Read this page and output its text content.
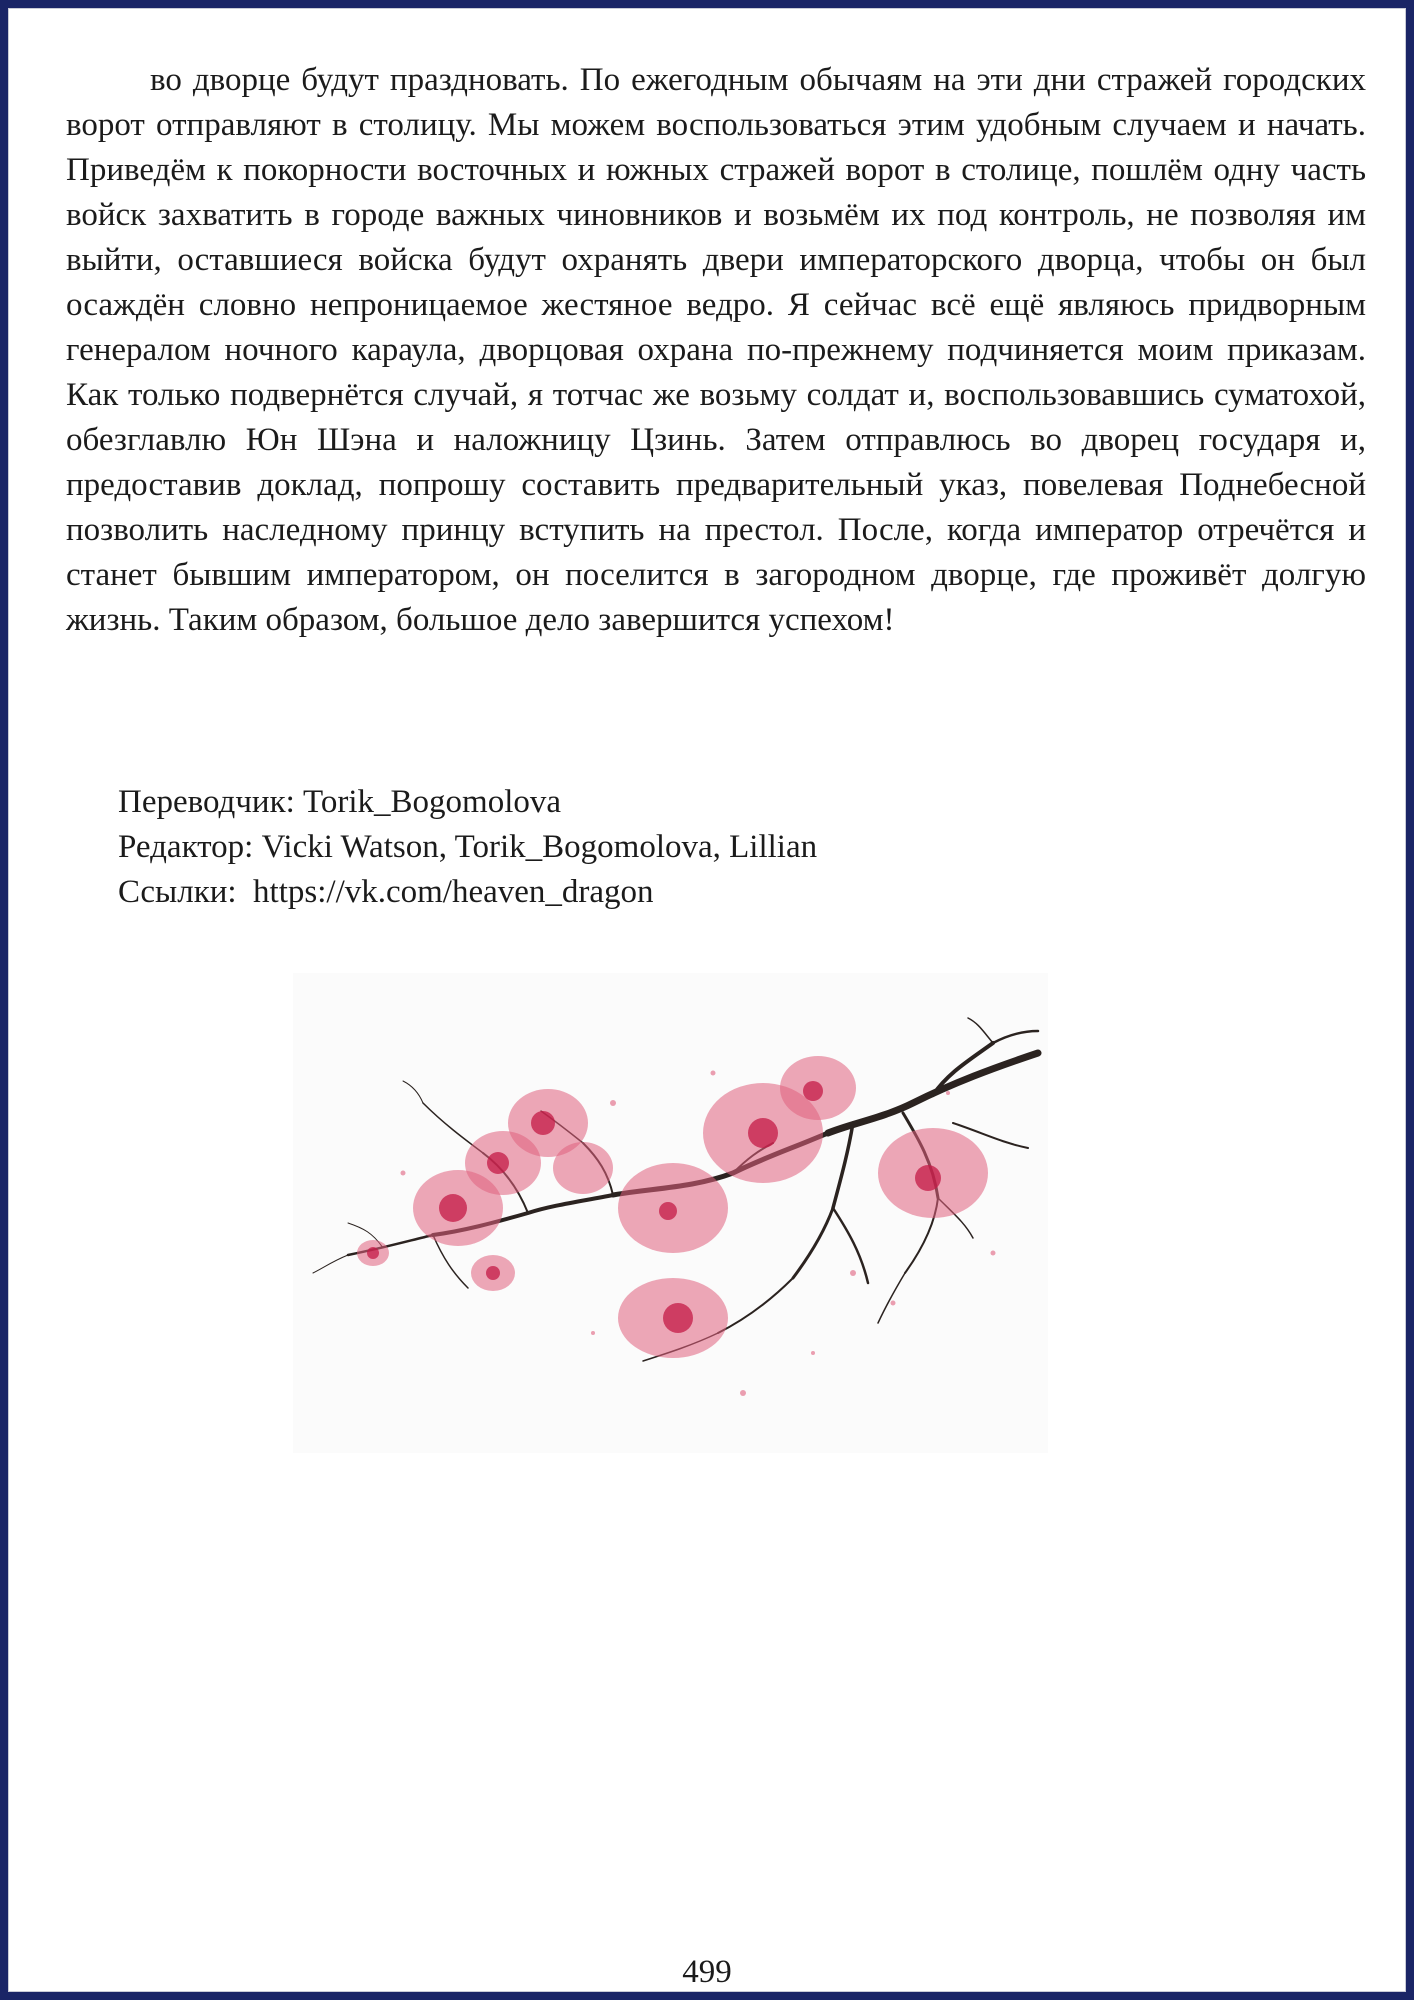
во дворце будут праздновать. По ежегодным обычаям на эти дни стражей городских ворот отправляют в столицу. Мы можем воспользоваться этим удобным случаем и начать. Приведём к покорности восточных и южных стражей ворот в столице, пошлём одну часть войск захватить в городе важных чиновников и возьмём их под контроль, не позволяя им выйти, оставшиеся войска будут охранять двери императорского дворца, чтобы он был осаждён словно непроницаемое жестяное ведро. Я сейчас всё ещё являюсь придворным генералом ночного караула, дворцовая охрана по-прежнему подчиняется моим приказам. Как только подвернётся случай, я тотчас же возьму солдат и, воспользовавшись суматохой, обезглавлю Юн Шэна и наложницу Цзинь. Затем отправлюсь во дворец государя и, предоставив доклад, попрошу составить предварительный указ, повелевая Поднебесной позволить наследному принцу вступить на престол. После, когда император отречётся и станет бывшим императором, он поселится в загородном дворце, где проживёт долгую жизнь. Таким образом, большое дело завершится успехом!

Переводчик: Torik_Bogomolova
Редактор: Vicki Watson, Torik_Bogomolova, Lillian
Ссылки:  https://vk.com/heaven_dragon
499
